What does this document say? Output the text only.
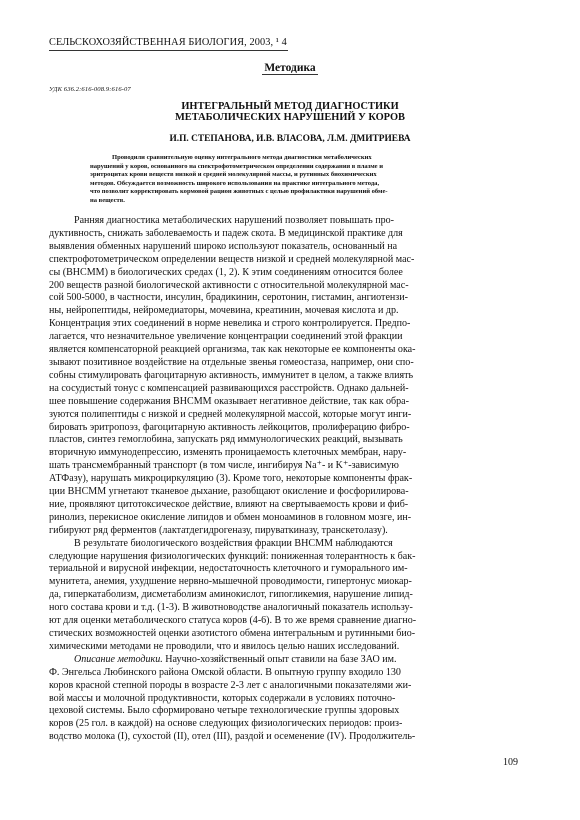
СЕЛЬСКОХОЗЯЙСТВЕННАЯ БИОЛОГИЯ, 2003, ¹ 4
Методика
УДК 636.2:616-008.9:616-07
ИНТЕГРАЛЬНЫЙ МЕТОД ДИАГНОСТИКИ
МЕТАБОЛИЧЕСКИХ НАРУШЕНИЙ У КОРОВ
И.П. СТЕПАНОВА, И.В. ВЛАСОВА, Л.М. ДМИТРИЕВА
Проводили сравнительную оценку интегрального метода диагностики метаболических
нарушений у коров, основанного на спектрофотометрическом определении содержания в плазме и
эритроцитах крови веществ низкой и средней молекулярной массы, и рутинных биохимических
методов. Обсуждается возможность широкого использования на практике интегрального метода,
что позволит корректировать кормовой рацион животных с целью профилактики нарушений обме-
на веществ.
Ранняя диагностика метаболических нарушений позволяет повышать про-
дуктивность, снижать заболеваемость и падеж скота. В медицинской практике для
выявления обменных нарушений широко используют показатель, основанный на
спектрофотометрическом определении веществ низкой и средней молекулярной мас-
сы (ВНСММ) в биологических средах (1, 2). К этим соединениям относится более
200 веществ разной биологической активности с относительной молекулярной мас-
сой 500-5000, в частности, инсулин, брадикинин, серотонин, гистамин, ангиотензи-
ны, нейропептиды, нейромедиаторы, мочевина, креатинин, мочевая кислота и др.
Концентрация этих соединений в норме невелика и строго контролируется. Предпо-
лагается, что незначительное увеличение концентрации соединений этой фракции
является компенсаторной реакцией организма, так как некоторые ее компоненты ока-
зывают позитивное воздействие на отдельные звенья гомеостаза, например, они спо-
собны стимулировать фагоцитарную активность, иммунитет в целом, а также влиять
на сосудистый тонус с компенсацией развивающихся расстройств. Однако дальней-
шее повышение содержания ВНСММ оказывает негативное действие, так как обра-
зуются полипептиды с низкой и средней молекулярной массой, которые могут инги-
бировать эритропоэз, фагоцитарную активность лейкоцитов, пролиферацию фибро-
пластов, синтез гемоглобина, запускать ряд иммунологических реакций, вызывать
вторичную иммунодепрессию, изменять проницаемость клеточных мембран, нару-
шать трансмембранный транспорт (в том числе, ингибируя Na⁺- и K⁺-зависимую
АТФазу), нарушать микроциркуляцию (3). Кроме того, некоторые компоненты фрак-
ции ВНСММ угнетают тканевое дыхание, разобщают окисление и фосфорилирова-
ние, проявляют цитотоксическое действие, влияют на свертываемость крови и фиб-
ринолиз, перекисное окисление липидов и обмен моноаминов в головном мозге, ин-
гибируют ряд ферментов (лактатдегидрогеназу, пируваткиназу, транскетолазу).
В результате биологического воздействия фракции ВНСММ наблюдаются
следующие нарушения физиологических функций: пониженная толерантность к бак-
териальной и вирусной инфекции, недостаточность клеточного и гуморального им-
мунитета, анемия, ухудшение нервно-мышечной проводимости, гипертонус миокар-
да, гиперкатаболизм, дисметаболизм аминокислот, гипогликемия, нарушение липид-
ного состава крови и т.д. (1-3). В животноводстве аналогичный показатель использу-
ют для оценки метаболического статуса коров (4-6). В то же время сравнение диагно-
стических возможностей оценки азотистого обмена интегральным и рутинными био-
химическими методами не проводили, что и явилось целью наших исследований.
Описание методики. Научно-хозяйственный опыт ставили на базе ЗАО им.
Ф. Энгельса Любинского района Омской области. В опытную группу входило 130
коров красной степной породы в возрасте 2-3 лет с аналогичными показателями жи-
вой массы и молочной продуктивности, которых содержали в условиях поточно-
цеховой системы. Было сформировано четыре технологические группы здоровых
коров (25 гол. в каждой) на основе следующих физиологических периодов: произ-
водство молока (I), сухостой (II), отел (III), раздой и осеменение (IV). Продолжитель-
109
